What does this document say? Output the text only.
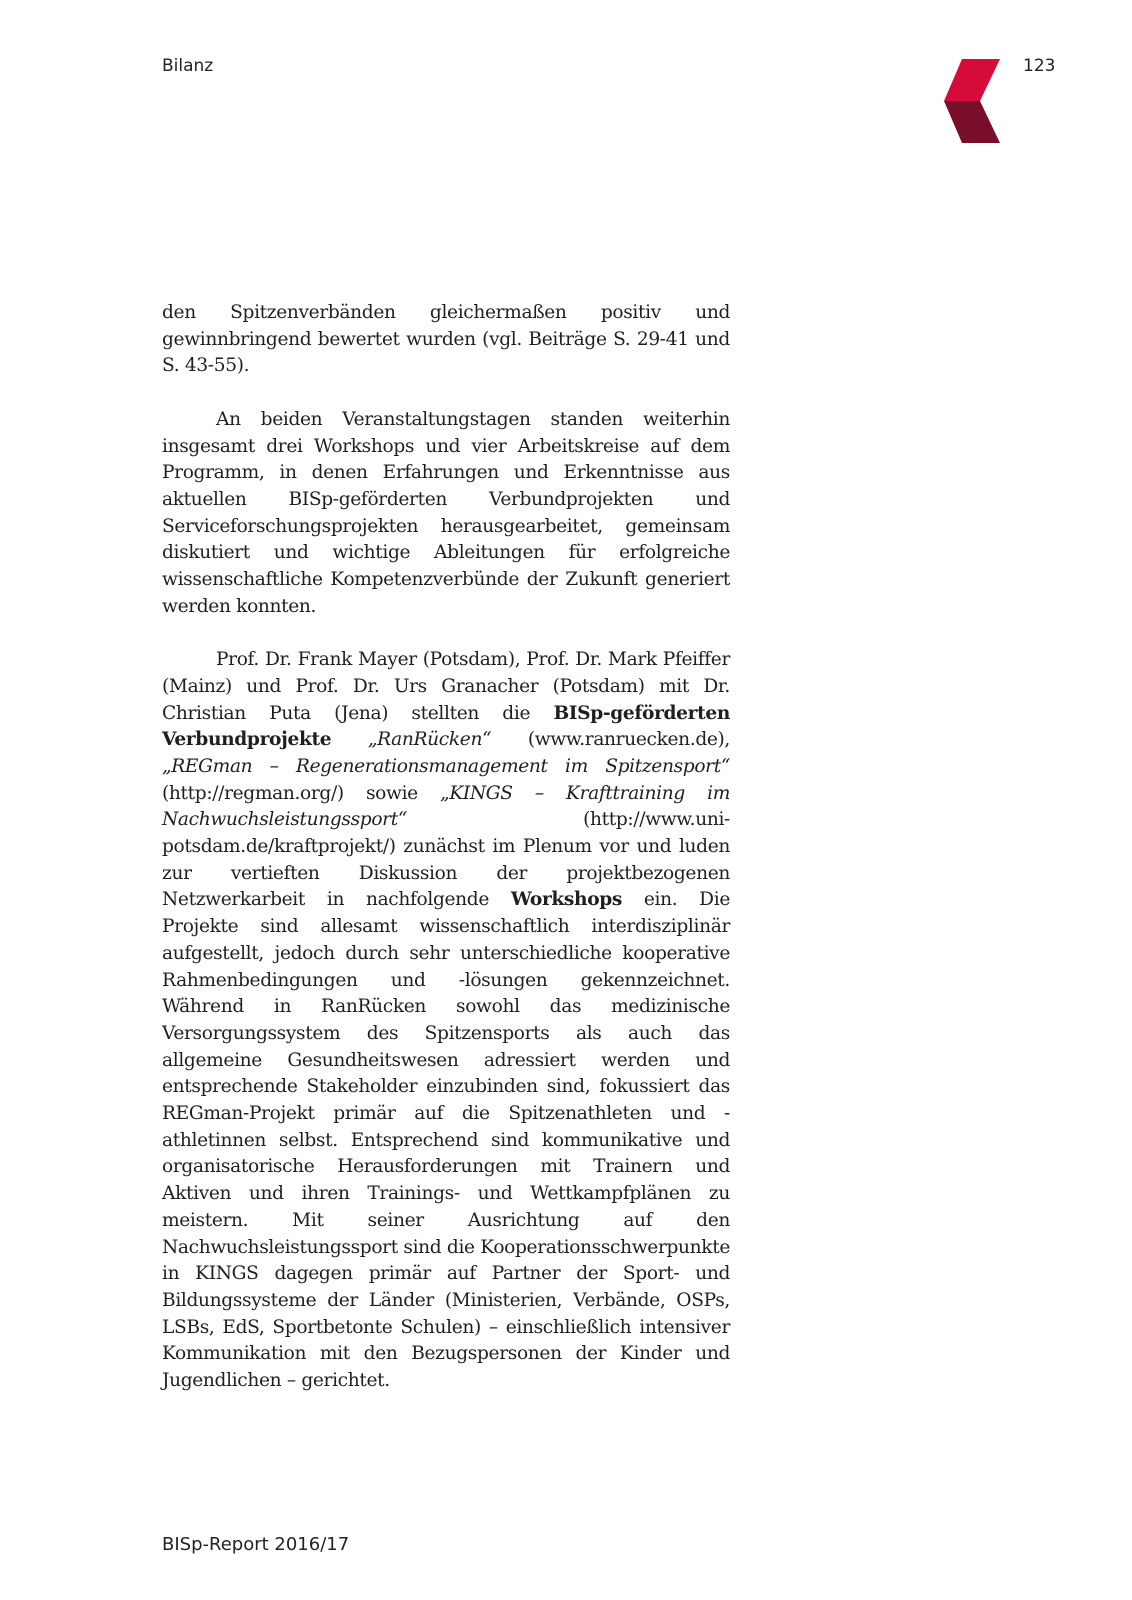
Bilanz	123

den Spitzenverbänden gleichermaßen positiv und gewinnbringend bewertet wurden (vgl. Beiträge S. 29-41 und S. 43-55).

An beiden Veranstaltungstagen standen weiterhin insgesamt drei Workshops und vier Arbeitskreise auf dem Programm, in denen Erfahrungen und Erkenntnisse aus aktuellen BISp-geförderten Verbundprojekten und Serviceforschungsprojekten herausgearbeitet, gemeinsam diskutiert und wichtige Ableitungen für erfolgreiche wissenschaftliche Kompetenzverbünde der Zukunft generiert werden konnten.

Prof. Dr. Frank Mayer (Potsdam), Prof. Dr. Mark Pfeiffer (Mainz) und Prof. Dr. Urs Granacher (Potsdam) mit Dr. Christian Puta (Jena) stellten die BISp-geförderten Verbundprojekte „RanRücken“ (www.ranruecken.de), „REGman – Regenerationsmanagement im Spitzensport“ (http://regman.org/) sowie „KINGS – Krafttraining im Nachwuchsleistungssport“ (http://www.uni-potsdam.de/kraftprojekt/) zunächst im Plenum vor und luden zur vertieften Diskussion der projektbezogenen Netzwerkarbeit in nachfolgende Workshops ein. Die Projekte sind allesamt wissenschaftlich interdisziplinär aufgestellt, jedoch durch sehr unterschiedliche kooperative Rahmenbedingungen und -lösungen gekennzeichnet. Während in RanRücken sowohl das medizinische Versorgungssystem des Spitzensports als auch das allgemeine Gesundheitswesen adressiert werden und entsprechende Stakeholder einzubinden sind, fokussiert das REGman-Projekt primär auf die Spitzenathleten und -athletinnen selbst. Entsprechend sind kommunikative und organisatorische Herausforderungen mit Trainern und Aktiven und ihren Trainings- und Wettkampfplänen zu meistern. Mit seiner Ausrichtung auf den Nachwuchsleistungssport sind die Kooperationsschwerpunkte in KINGS dagegen primär auf Partner der Sport- und Bildungssysteme der Länder (Ministerien, Verbände, OSPs, LSBs, EdS, Sportbetonte Schulen) – einschließlich intensiver Kommunikation mit den Bezugspersonen der Kinder und Jugendlichen – gerichtet.

BISp-Report 2016/17
